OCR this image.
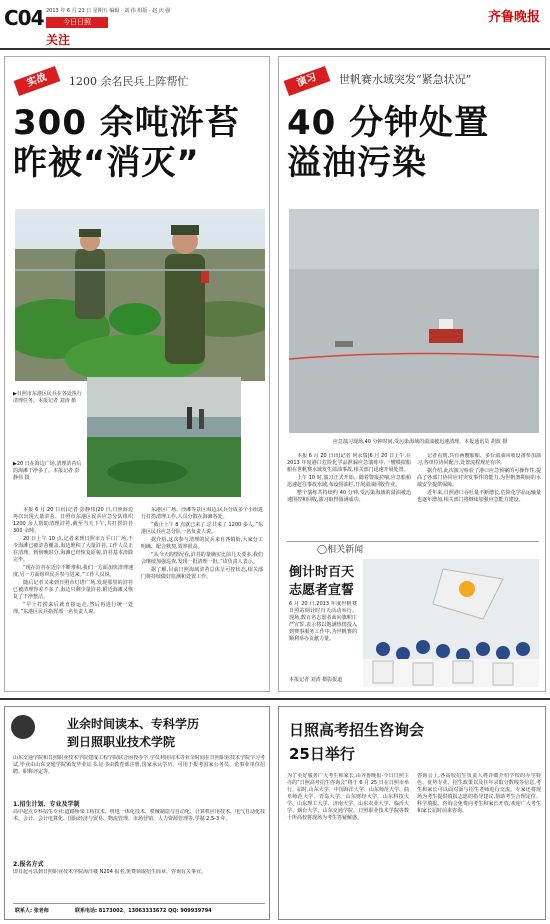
C04 2013 年 6 月 21 日 星期五 编辑 · 刘 伟 组版 · 赵 庆 强
今日日照
关注
齐鲁晚报
实战	1200 余名民兵上阵帮忙
300 余吨浒苔
昨被“消灭”
▶日照市东港区民兵在各处执行清理任务。本报记者 刘涛 摄
▶20 日在海边广场,清理浒苔后的海滩干净多了。本报记者 彭静伟 摄

本报 6 月 20 日讯(记者 彭静伟)20 日,日照海边再次出现大量浒苔。日照市东港区民兵应急分队组织 1200 余人帮助清理浒苔,截至当天下午,共打捞浒苔 300 余吨。

20 日上午 10 点,记者来到日照市万平口广场,不少海滩已被浒苔覆盖,海边堆积了大量浒苔,工作人员正在清理。到傍晚时分,海滩已经恢复原貌,浒苔基本清除完毕。

“现在浒苔在近岸不断堆积,我们一方面加快清理速度,另一方面组织民兵参与进来。”工作人员说。

随后记者又来到日照市灯塔广场,发现那里的浒苔已被清理得差不多了,海边只剩少量浒苔,附近海滩又恢复了干净整洁。

“早上打捞来后就直接运走,然后再进行统一处理。”东港区民兵指挥部一名负责人说。

东港区广场、沙滩等景区海边,民兵分成多个小组进行打捞清理工作,人员分散在海滩各处。

“截止上午 8 点就已来了,总共来了 1200 多人。”东港区民兵应急分队一名负责人说。

据介绍,这次参与清理的民兵来自各镇街,大家分工明确、配合默契,效率很高。

“从今天的情况看,浒苔的量确实比前几天要多,我们会继续加强巡查,发现一批清理一批。”该负责人表示。

据了解,目前日照海域浒苔总体呈可控状态,相关部门将持续做好监测和处置工作。

演习	世帆赛水域突发“紧急状况”
40 分钟处置
溢油污染
应急演习现场,40 分钟时间,受污染海域的溢油被迅速清理。本报通讯员 胡波 摄

本报 6 月 20 日讯(记者 何永瑞)6 月 20 日上午,在 2013 年度港口危险化学品泄漏应急演练中,一艘模拟船舶在世帆赛水域发生溢油事故,相关部门迅速开展处置。

上午 10 时,演习正式开始。随着警报拉响,应急船舶迅速赶往事故水域,布设围油栏,开展溢油回收作业。

整个演练共持续约 40 分钟,受污染海域的溢油被迅速围控和回收,演习取得圆满成功。

记者看到,共有两艘船舶、多台溢油回收设备参加演习,各单位协同配合,处置流程规范有序。

据介绍,此次演习检验了港口应急预案的可操作性,提高了各部门协同应对突发事件的能力,为世帆赛期间的水域安全提供保障。

近年来,日照港口吞吐量不断增长,危险化学品运输量也逐年增加,相关部门将继续加强应急能力建设。

◯相关新闻
倒计时百天
志愿者宣誓
6 月 20 日,2013 年度世帆赛日照站倒计时百天活动举行。现场,数百名志愿者面向旗帜庄严宣誓,表示将以饱满热情投入到赛事服务工作中,为世帆赛的顺利举办贡献力量。
本报记者 刘涛 摄影报道
业余时间读本、专科学历
到日照职业技术学院
山东交通学院和日照职业技术学院建成工程学院联合函授办学,学员利用周末等业余时间在日照职业技术学院学习考试,毕业由山东交通学院颁发毕业证书,证书由教育部注册,国家承认学历。可用于报考国家公务员、企事业单位招聘、职称评定等。
1.招生计划、专业及学制
高中起点专科招生专业:道路桥梁工程技术、机电一体化技术、机械制造与自动化、计算机应用技术、电气自动化技术、会计、会计电算化、国际经济与贸易、物流管理、市场营销、人力资源管理等,学制 2.5-3 年。
2.报名方式
即日起可以到日照职业技术学院海洋楼 N204 报名,免费领取招生简章、咨询有关事宜。
联系人: 张老师	联系电话: 8173002、13063333672 QQ: 909939794
日照高考招生咨询会
25日举行
为了更好服务广大考生和家长,由齐鲁晚报·今日日照主办的“日照高考招生咨询会”将于 6 月 25 日在日照市举行。届时,山东大学、中国海洋大学、山东师范大学、曲阜师范大学、青岛大学、山东财经大学、山东科技大学、山东理工大学、济南大学、山东农业大学、临沂大学、烟台大学、山东交通学院、日照职业技术学院等数十所高校将现场为考生答疑解惑。
咨询会上,各高校招生负责人将详细介绍学校的办学特色、优势专业、招生政策以及往年录取分数线等信息,考生和家长可以面对面与招生老师进行交流。专家还将现场为考生提供填报志愿的指导建议,帮助考生合理定位、科学填报。咨询会免费向考生和家长开放,欢迎广大考生和家长届时前来咨询。
